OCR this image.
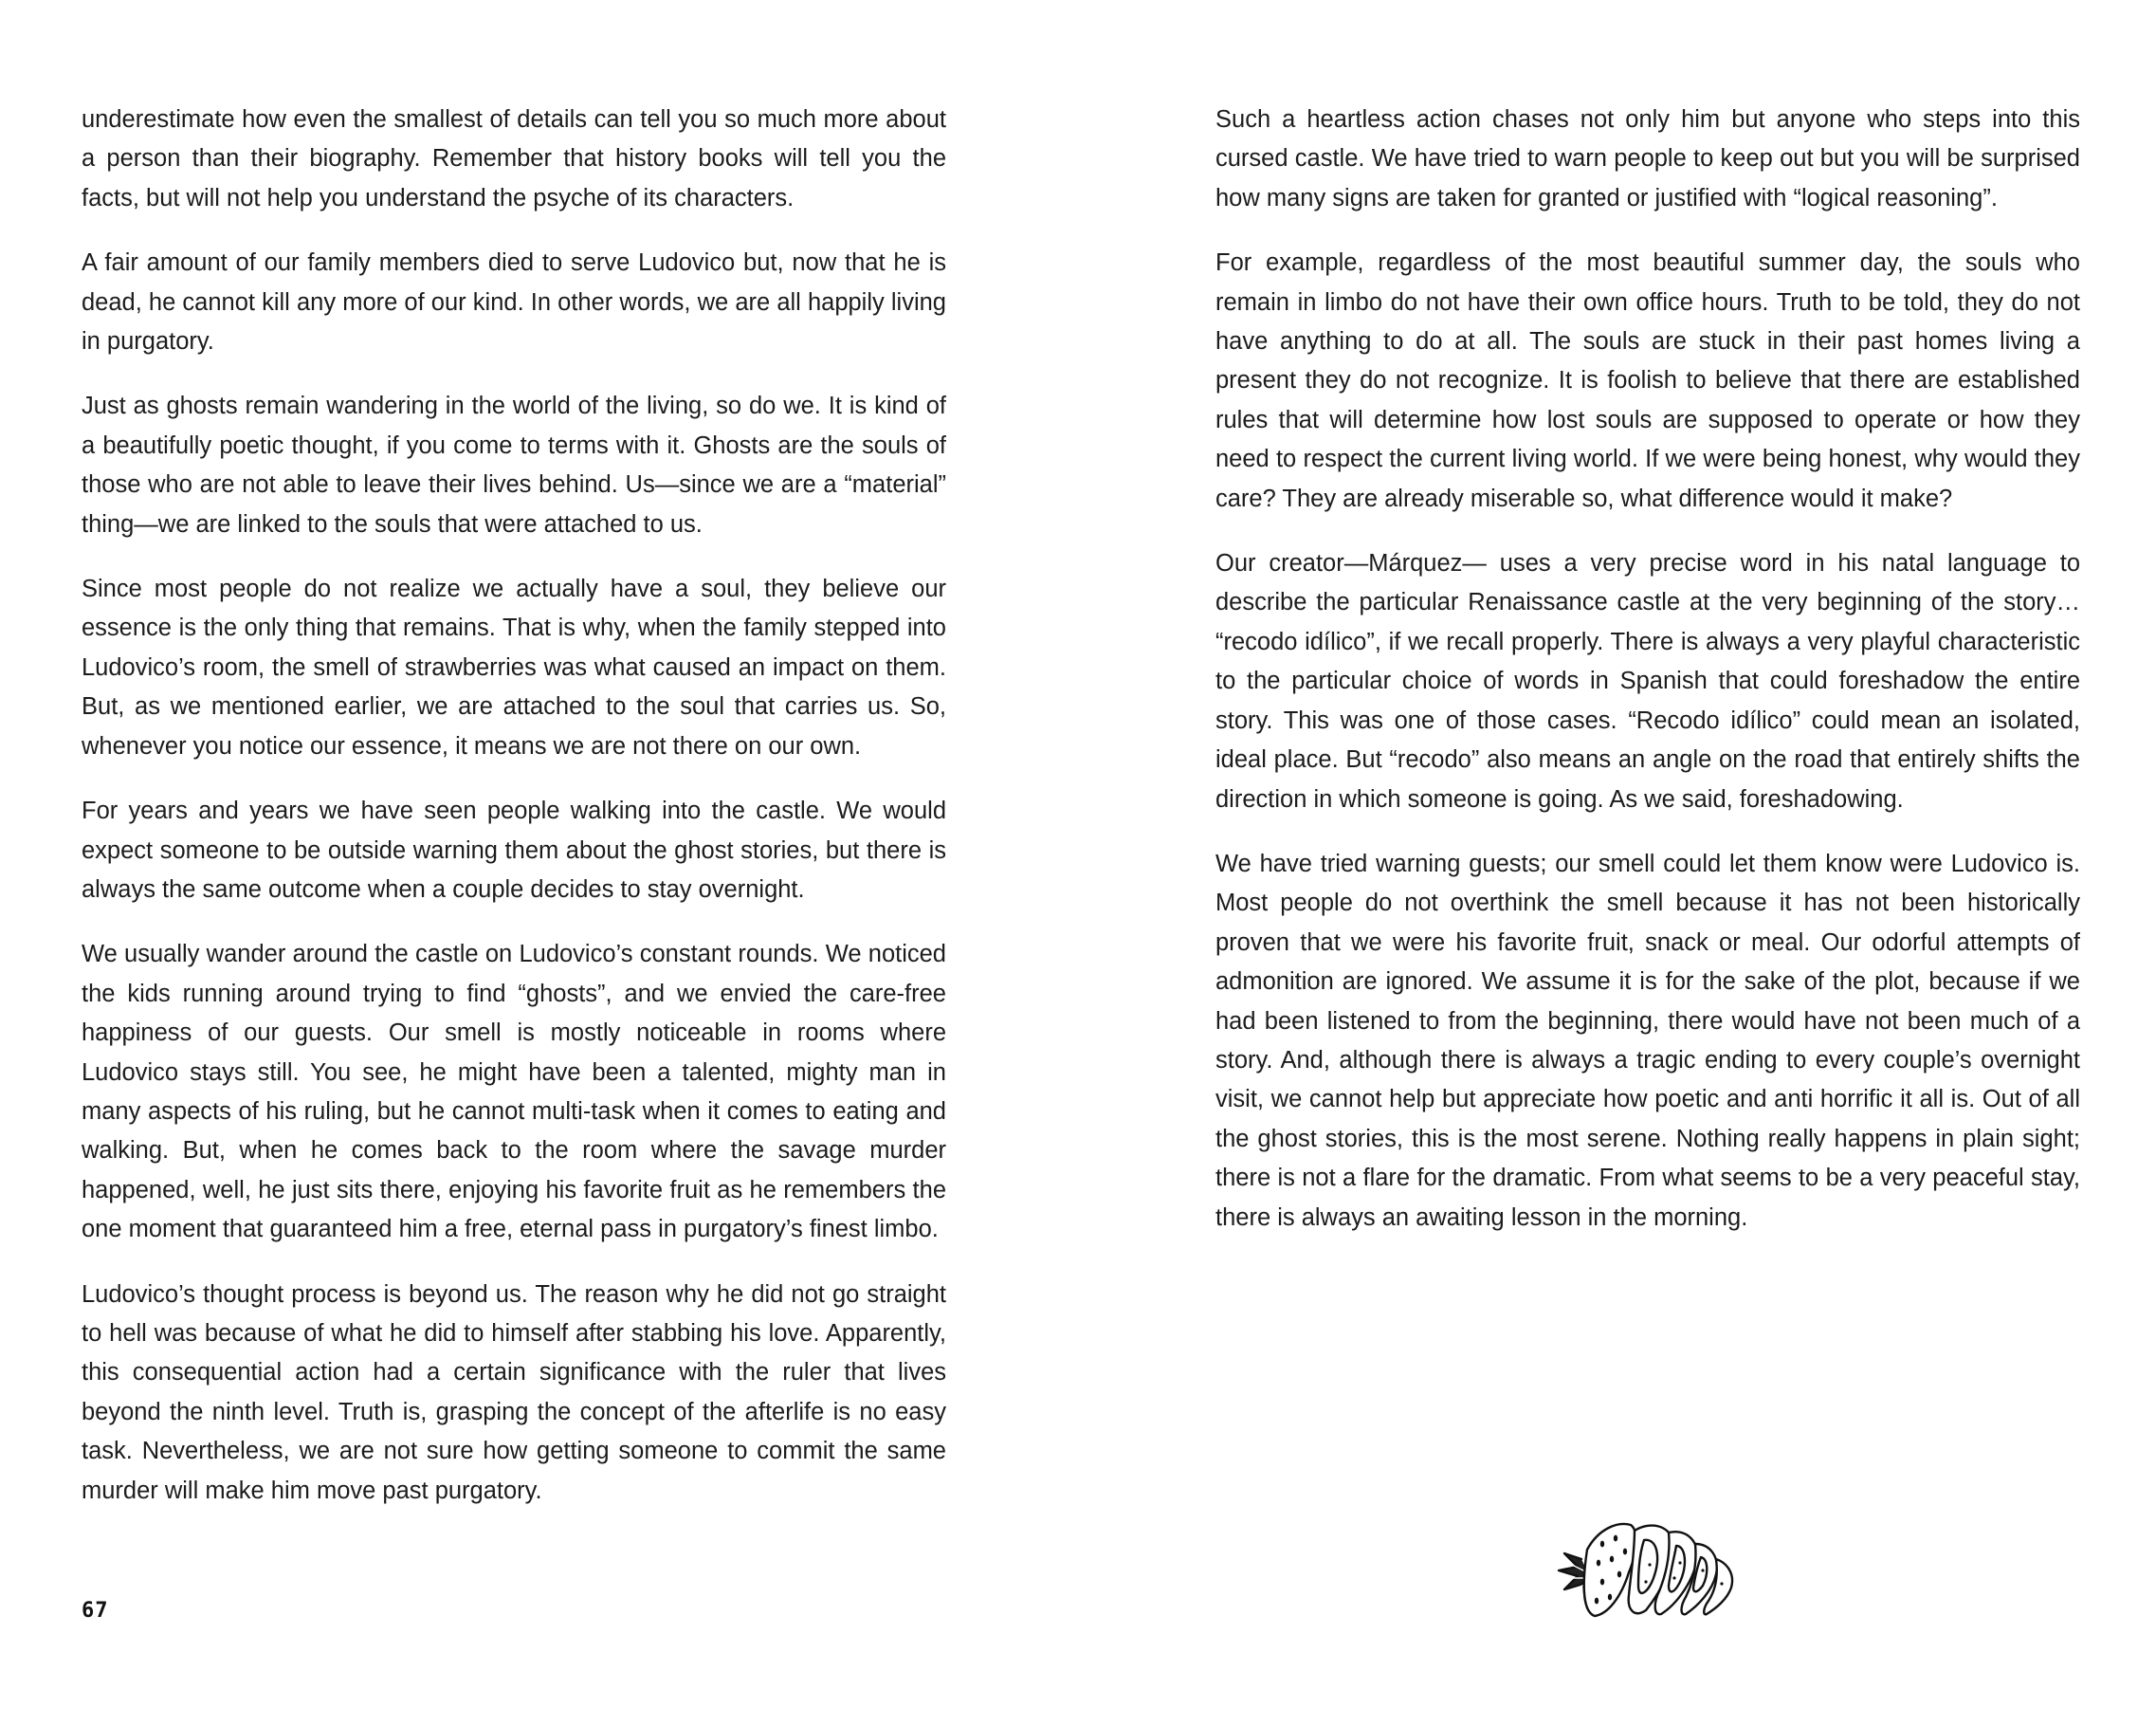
underestimate how even the smallest of details can tell you so much more about a person than their biography. Remember that history books will tell you the facts, but will not help you understand the psyche of its characters.

A fair amount of our family members died to serve Ludovico but, now that he is dead, he cannot kill any more of our kind. In other words, we are all happily living in purgatory.

Just as ghosts remain wandering in the world of the living, so do we. It is kind of a beautifully poetic thought, if you come to terms with it. Ghosts are the souls of those who are not able to leave their lives behind. Us—since we are a “material” thing—we are linked to the souls that were attached to us.

Since most people do not realize we actually have a soul, they believe our essence is the only thing that remains. That is why, when the family stepped into Ludovico’s room, the smell of strawberries was what caused an impact on them. But, as we mentioned earlier, we are attached to the soul that carries us. So, whenever you notice our essence, it means we are not there on our own.

For years and years we have seen people walking into the castle. We would expect someone to be outside warning them about the ghost stories, but there is always the same outcome when a couple decides to stay overnight.

We usually wander around the castle on Ludovico’s constant rounds. We noticed the kids running around trying to find “ghosts”, and we envied the care-free happiness of our guests. Our smell is mostly noticeable in rooms where Ludovico stays still. You see, he might have been a talented, mighty man in many aspects of his ruling, but he cannot multi-task when it comes to eating and walking. But, when he comes back to the room where the savage murder happened, well, he just sits there, enjoying his favorite fruit as he remembers the one moment that guaranteed him a free, eternal pass in purgatory’s finest limbo.

Ludovico’s thought process is beyond us. The reason why he did not go straight to hell was because of what he did to himself after stabbing his love. Apparently, this consequential action had a certain significance with the ruler that lives beyond the ninth level. Truth is, grasping the concept of the afterlife is no easy task. Nevertheless, we are not sure how getting someone to commit the same murder will make him move past purgatory.

67

Such a heartless action chases not only him but anyone who steps into this cursed castle. We have tried to warn people to keep out but you will be surprised how many signs are taken for granted or justified with “logical reasoning”.

For example, regardless of the most beautiful summer day, the souls who remain in limbo do not have their own office hours. Truth to be told, they do not have anything to do at all. The souls are stuck in their past homes living a present they do not recognize. It is foolish to believe that there are established rules that will determine how lost souls are supposed to operate or how they need to respect the current living world. If we were being honest, why would they care? They are already miserable so, what difference would it make?

Our creator—Márquez— uses a very precise word in his natal language to describe the particular Renaissance castle at the very beginning of the story… “recodo idílico”, if we recall properly. There is always a very playful characteristic to the particular choice of words in Spanish that could foreshadow the entire story. This was one of those cases. “Recodo idílico” could mean an isolated, ideal place. But “recodo” also means an angle on the road that entirely shifts the direction in which someone is going. As we said, foreshadowing.

We have tried warning guests; our smell could let them know were Ludovico is. Most people do not overthink the smell because it has not been historically proven that we were his favorite fruit, snack or meal. Our odorful attempts of admonition are ignored. We assume it is for the sake of the plot, because if we had been listened to from the beginning, there would have not been much of a story. And, although there is always a tragic ending to every couple’s overnight visit, we cannot help but appreciate how poetic and anti horrific it all is. Out of all the ghost stories, this is the most serene. Nothing really happens in plain sight; there is not a flare for the dramatic. From what seems to be a very peaceful stay, there is always an awaiting lesson in the morning.
